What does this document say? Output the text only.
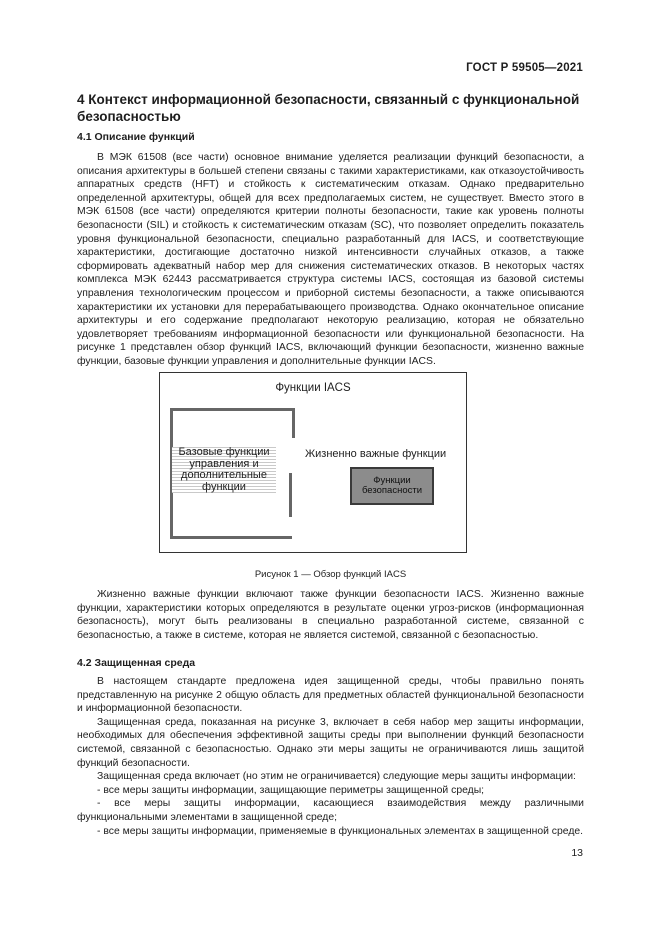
ГОСТ Р 59505—2021
4 Контекст информационной безопасности, связанный с функциональной безопасностью
4.1 Описание функций

В МЭК 61508 (все части) основное внимание уделяется реализации функций безопасности, а описания архитектуры в большей степени связаны с такими характеристиками, как отказоустойчивость аппаратных средств (HFT) и стойкость к систематическим отказам. Однако предварительно определенной архитектуры, общей для всех предполагаемых систем, не существует. Вместо этого в МЭК 61508 (все части) определяются критерии полноты безопасности, такие как уровень полноты безопасности (SIL) и стойкость к систематическим отказам (SC), что позволяет определить показатель уровня функциональной безопасности, специально разработанный для IACS, и соответствующие характеристики, достигающие достаточно низкой интенсивности случайных отказов, а также сформировать адекватный набор мер для снижения систематических отказов. В некоторых частях комплекса МЭК 62443 рассматривается структура системы IACS, состоящая из базовой системы управления технологическим процессом и приборной системы безопасности, а также описываются характеристики их установки для перерабатывающего производства. Однако окончательное описание архитектуры и его содержание предполагают некоторую реализацию, которая не обязательно удовлетворяет требованиям информационной безопасности или функциональной безопасности. На рисунке 1 представлен обзор функций IACS, включающий функции безопасности, жизненно важные функции, базовые функции управления и дополнительные функции IACS.

Функции IACS
Базовые функции управления и дополнительные функции
Жизненно важные функции
Функции безопасности
Рисунок 1 — Обзор функций IACS

Жизненно важные функции включают также функции безопасности IACS. Жизненно важные функции, характеристики которых определяются в результате оценки угроз-рисков (информационная безопасность), могут быть реализованы в специально разработанной системе, связанной с безопасностью, а также в системе, которая не является системой, связанной с безопасностью.

4.2 Защищенная среда

В настоящем стандарте предложена идея защищенной среды, чтобы правильно понять представленную на рисунке 2 общую область для предметных областей функциональной безопасности и информационной безопасности.

Защищенная среда, показанная на рисунке 3, включает в себя набор мер защиты информации, необходимых для обеспечения эффективной защиты среды при выполнении функций безопасности системой, связанной с безопасностью. Однако эти меры защиты не ограничиваются лишь защитой функций безопасности.

Защищенная среда включает (но этим не ограничивается) следующие меры защиты информации:

- все меры защиты информации, защищающие периметры защищенной среды;

- все меры защиты информации, касающиеся взаимодействия между различными функциональными элементами в защищенной среде;

- все меры защиты информации, применяемые в функциональных элементах в защищенной среде.

13
